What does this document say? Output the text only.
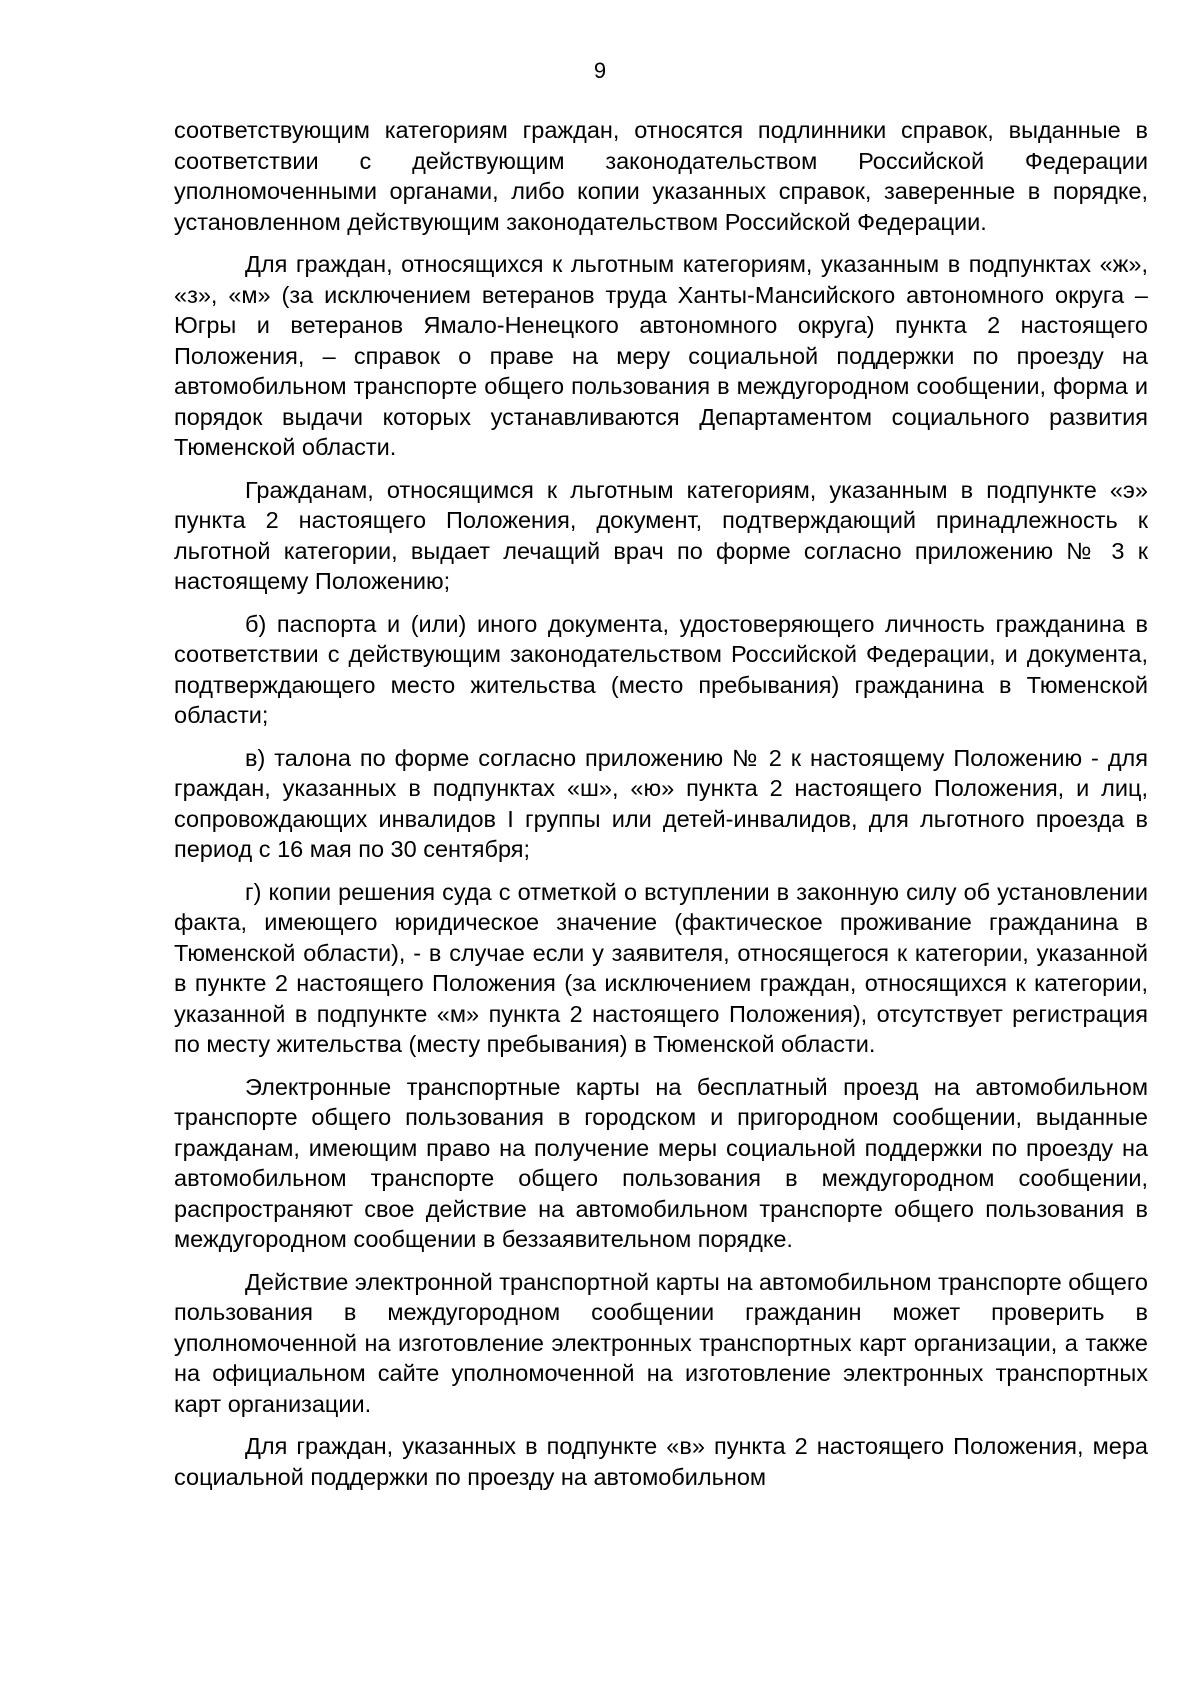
9

соответствующим категориям граждан, относятся подлинники справок, выданные в соответствии с действующим законодательством Российской Федерации уполномоченными органами, либо копии указанных справок, заверенные в порядке, установленном действующим законодательством Российской Федерации.

Для граждан, относящихся к льготным категориям, указанным в подпунктах «ж», «з», «м» (за исключением ветеранов труда Ханты-Мансийского автономного округа – Югры и ветеранов Ямало-Ненецкого автономного округа) пункта 2 настоящего Положения, – справок о праве на меру социальной поддержки по проезду на автомобильном транспорте общего пользования в междугородном сообщении, форма и порядок выдачи которых устанавливаются Департаментом социального развития Тюменской области.

Гражданам, относящимся к льготным категориям, указанным в подпункте «э» пункта 2 настоящего Положения, документ, подтверждающий принадлежность к льготной категории, выдает лечащий врач по форме согласно приложению № 3 к настоящему Положению;

б) паспорта и (или) иного документа, удостоверяющего личность гражданина в соответствии с действующим законодательством Российской Федерации, и документа, подтверждающего место жительства (место пребывания) гражданина в Тюменской области;

в) талона по форме согласно приложению № 2 к настоящему Положению - для граждан, указанных в подпунктах «ш», «ю» пункта 2 настоящего Положения, и лиц, сопровождающих инвалидов I группы или детей-инвалидов, для льготного проезда в период с 16 мая по 30 сентября;

г) копии решения суда с отметкой о вступлении в законную силу об установлении факта, имеющего юридическое значение (фактическое проживание гражданина в Тюменской области), - в случае если у заявителя, относящегося к категории, указанной в пункте 2 настоящего Положения (за исключением граждан, относящихся к категории, указанной в подпункте «м» пункта 2 настоящего Положения), отсутствует регистрация по месту жительства (месту пребывания) в Тюменской области.

Электронные транспортные карты на бесплатный проезд на автомобильном транспорте общего пользования в городском и пригородном сообщении, выданные гражданам, имеющим право на получение меры социальной поддержки по проезду на автомобильном транспорте общего пользования в междугородном сообщении, распространяют свое действие на автомобильном транспорте общего пользования в междугородном сообщении в беззаявительном порядке.

Действие электронной транспортной карты на автомобильном транспорте общего пользования в междугородном сообщении гражданин может проверить в уполномоченной на изготовление электронных транспортных карт организации, а также на официальном сайте уполномоченной на изготовление электронных транспортных карт организации.

Для граждан, указанных в подпункте «в» пункта 2 настоящего Положения, мера социальной поддержки по проезду на автомобильном
